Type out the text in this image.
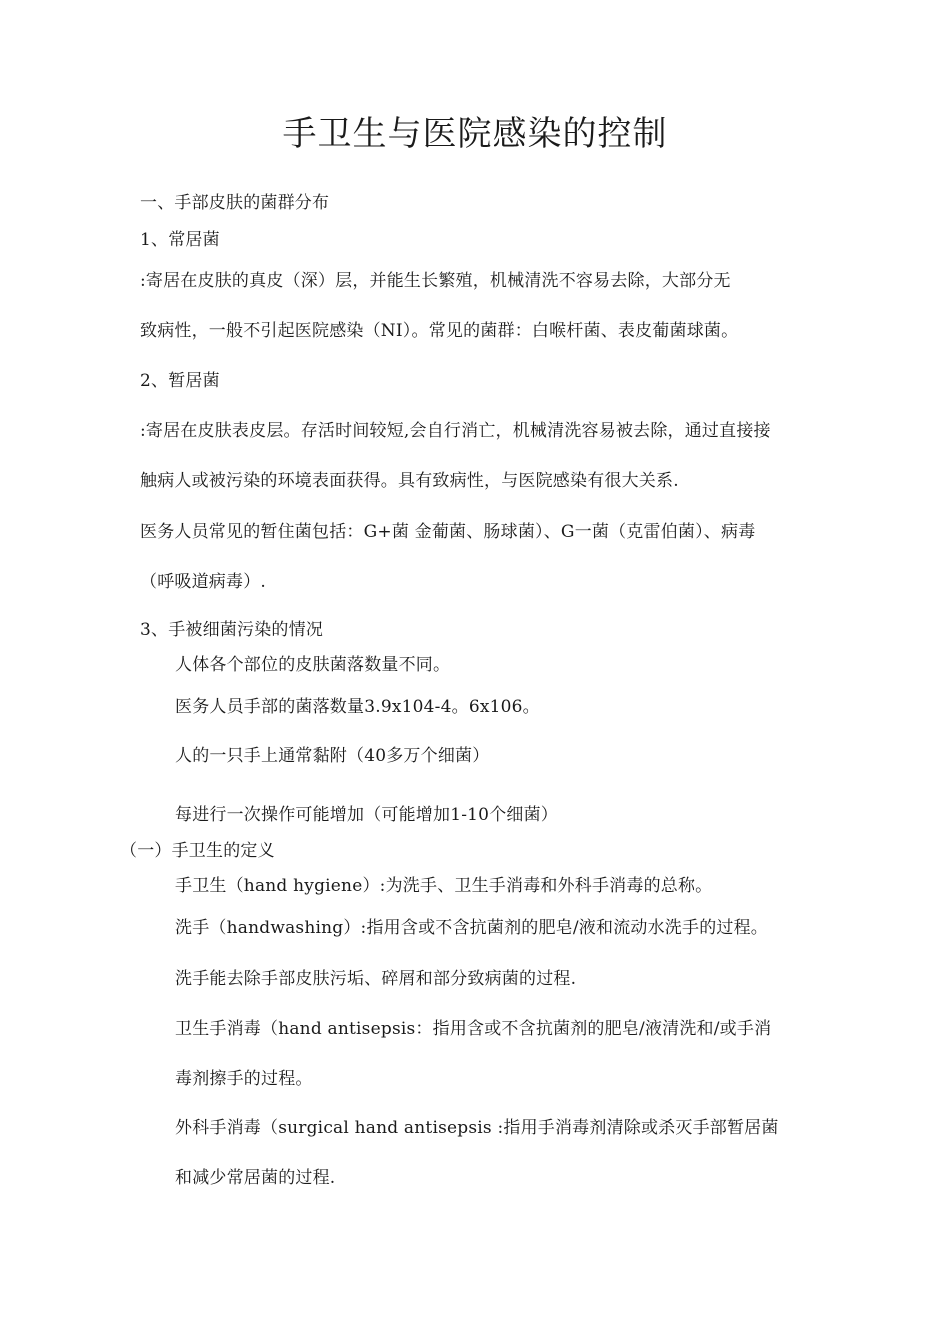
手卫生与医院感染的控制
一、手部皮肤的菌群分布
1、常居菌
:寄居在皮肤的真皮（深）层，并能生长繁殖，机械清洗不容易去除，大部分无
致病性，一般不引起医院感染（NI）。常见的菌群：白喉杆菌、表皮葡菌球菌。
2、暂居菌
:寄居在皮肤表皮层。存活时间较短,会自行消亡，机械清洗容易被去除，通过直接接
触病人或被污染的环境表面获得。具有致病性，与医院感染有很大关系.
医务人员常见的暂住菌包括：G+菌 金葡菌、肠球菌）、G一菌（克雷伯菌）、病毒
（呼吸道病毒）.
3、手被细菌污染的情况
人体各个部位的皮肤菌落数量不同。
医务人员手部的菌落数量3.9x104-4。6x106。
人的一只手上通常黏附（40多万个细菌）
每进行一次操作可能增加（可能增加1-10个细菌）
（一）手卫生的定义
手卫生（hand hygiene）:为洗手、卫生手消毒和外科手消毒的总称。
洗手（handwashing）:指用含或不含抗菌剂的肥皂/液和流动水洗手的过程。
洗手能去除手部皮肤污垢、碎屑和部分致病菌的过程.
卫生手消毒（hand antisepsis：指用含或不含抗菌剂的肥皂/液清洗和/或手消
毒剂擦手的过程。
外科手消毒（surgical hand antisepsis :指用手消毒剂清除或杀灭手部暂居菌
和减少常居菌的过程.
